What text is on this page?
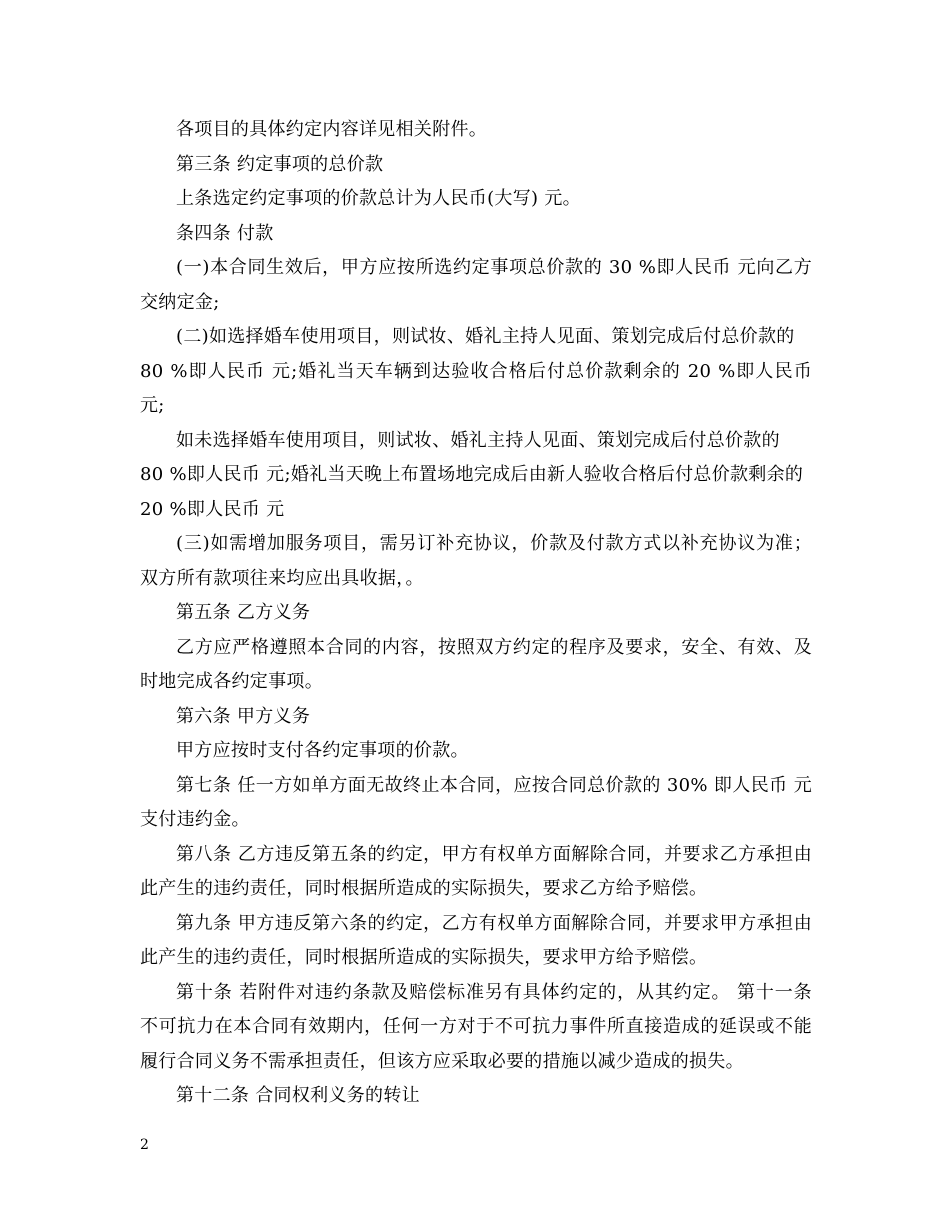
各项目的具体约定内容详见相关附件。

第三条 约定事项的总价款

上条选定约定事项的价款总计为人民币(大写) 元。

条四条 付款

(一)本合同生效后，甲方应按所选约定事项总价款的 30 %即人民币 元向乙方交纳定金;

(二)如选择婚车使用项目，则试妆、婚礼主持人见面、策划完成后付总价款的

80 %即人民币 元;婚礼当天车辆到达验收合格后付总价款剩余的 20 %即人民币 元;

如未选择婚车使用项目，则试妆、婚礼主持人见面、策划完成后付总价款的

80 %即人民币 元;婚礼当天晚上布置场地完成后由新人验收合格后付总价款剩余的

20 %即人民币 元

(三)如需增加服务项目，需另订补充协议，价款及付款方式以补充协议为准；双方所有款项往来均应出具收据，。

第五条 乙方义务

乙方应严格遵照本合同的内容，按照双方约定的程序及要求，安全、有效、及时地完成各约定事项。

第六条 甲方义务

甲方应按时支付各约定事项的价款。

第七条 任一方如单方面无故终止本合同，应按合同总价款的 30% 即人民币 元支付违约金。

第八条 乙方违反第五条的约定，甲方有权单方面解除合同，并要求乙方承担由此产生的违约责任，同时根据所造成的实际损失，要求乙方给予赔偿。

第九条 甲方违反第六条的约定，乙方有权单方面解除合同，并要求甲方承担由此产生的违约责任，同时根据所造成的实际损失，要求甲方给予赔偿。

第十条 若附件对违约条款及赔偿标准另有具体约定的，从其约定。 第十一条 不可抗力在本合同有效期内，任何一方对于不可抗力事件所直接造成的延误或不能履行合同义务不需承担责任，但该方应采取必要的措施以减少造成的损失。

第十二条 合同权利义务的转让

2
